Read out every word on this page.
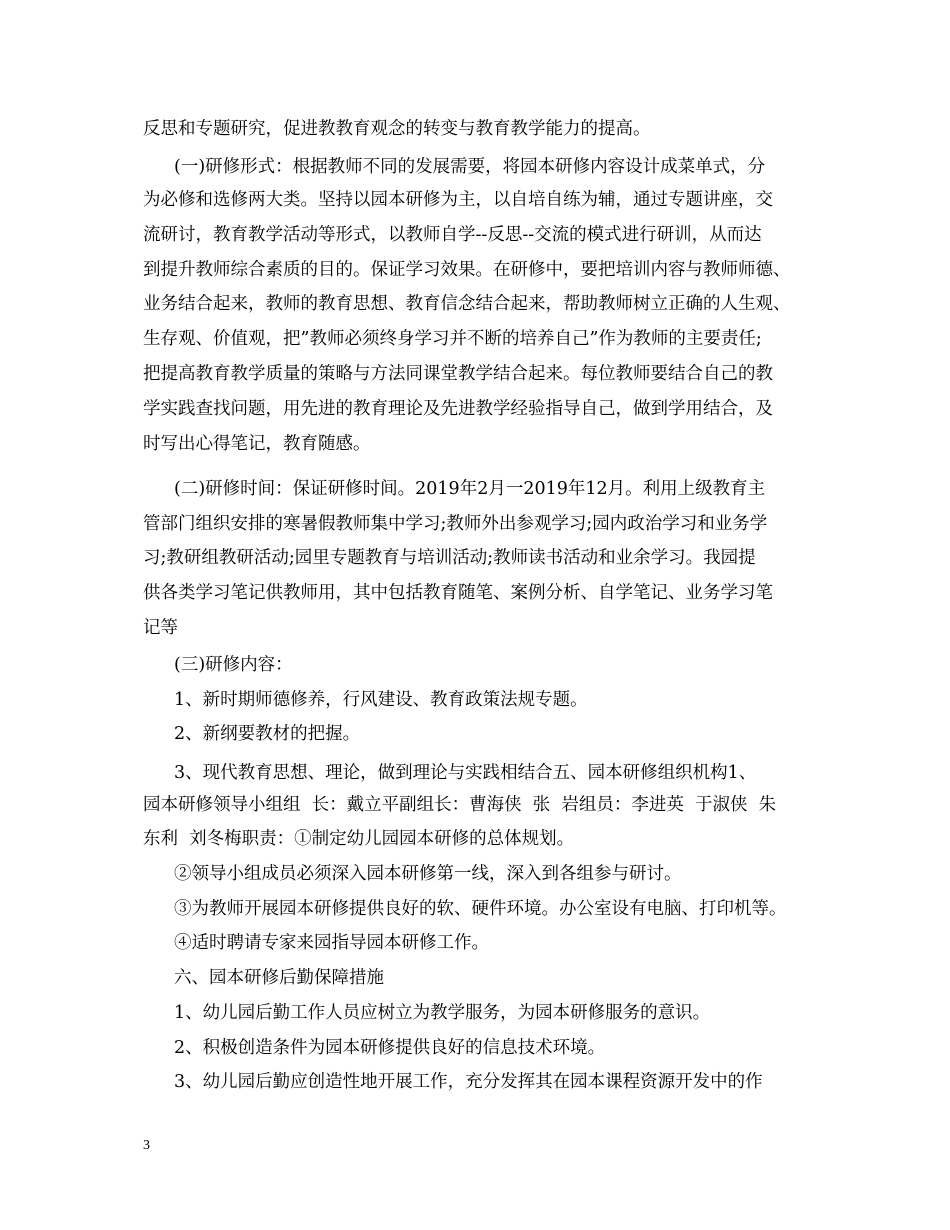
反思和专题研究，促进教教育观念的转变与教育教学能力的提高。
(一)研修形式：根据教师不同的发展需要，将园本研修内容设计成菜单式，分
为必修和选修两大类。坚持以园本研修为主，以自培自练为辅，通过专题讲座，交
流研讨，教育教学活动等形式，以教师自学--反思--交流的模式进行研训，从而达
到提升教师综合素质的目的。保证学习效果。在研修中，要把培训内容与教师师德、
业务结合起来，教师的教育思想、教育信念结合起来，帮助教师树立正确的人生观、
生存观、价值观，把”教师必须终身学习并不断的培养自己”作为教师的主要责任;
把提高教育教学质量的策略与方法同课堂教学结合起来。每位教师要结合自己的教
学实践查找问题，用先进的教育理论及先进教学经验指导自己，做到学用结合，及
时写出心得笔记，教育随感。
(二)研修时间：保证研修时间。2019年2月一2019年12月。利用上级教育主
管部门组织安排的寒暑假教师集中学习;教师外出参观学习;园内政治学习和业务学
习;教研组教研活动;园里专题教育与培训活动;教师读书活动和业余学习。我园提
供各类学习笔记供教师用，其中包括教育随笔、案例分析、自学笔记、业务学习笔
记等
(三)研修内容：
1、新时期师德修养，行风建设、教育政策法规专题。
2、新纲要教材的把握。
3、现代教育思想、理论，做到理论与实践相结合五、园本研修组织机构1、
园本研修领导小组组  长：戴立平副组长：曹海侠  张  岩组员：李进英  于淑侠  朱
东利  刘冬梅职责：①制定幼儿园园本研修的总体规划。
②领导小组成员必须深入园本研修第一线，深入到各组参与研讨。
③为教师开展园本研修提供良好的软、硬件环境。办公室设有电脑、打印机等。
④适时聘请专家来园指导园本研修工作。
六、园本研修后勤保障措施
1、幼儿园后勤工作人员应树立为教学服务，为园本研修服务的意识。
2、积极创造条件为园本研修提供良好的信息技术环境。
3、幼儿园后勤应创造性地开展工作，充分发挥其在园本课程资源开发中的作
3
